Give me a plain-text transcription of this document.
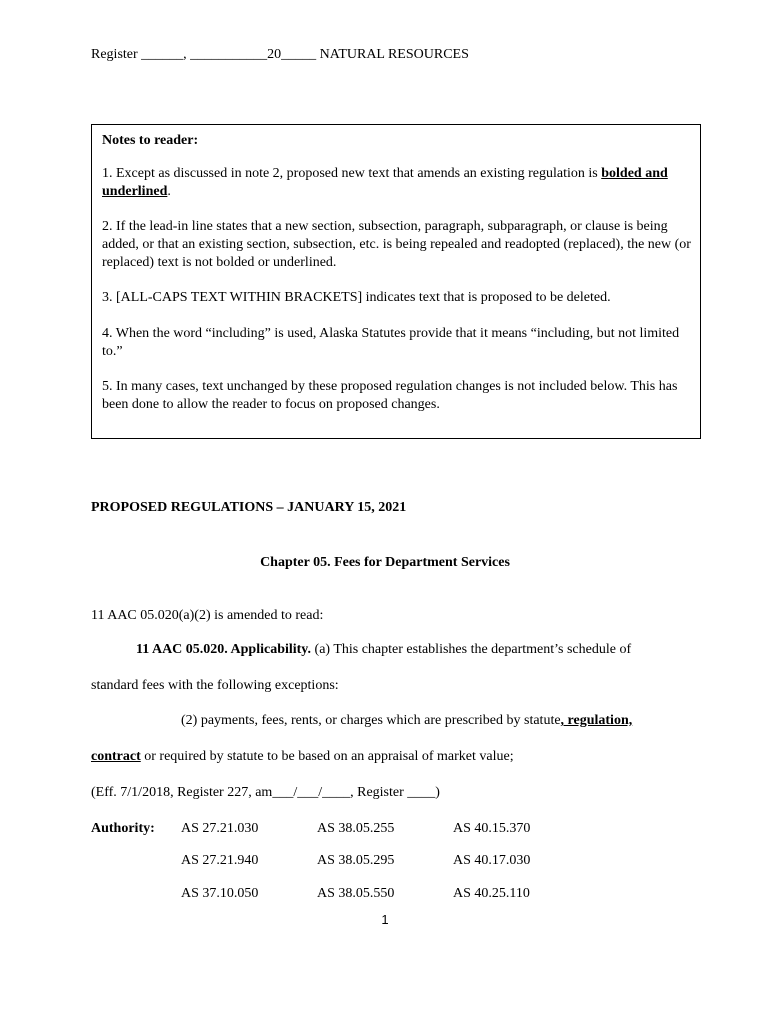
Register ______, ___________20_____ NATURAL RESOURCES
Notes to reader:
1. Except as discussed in note 2, proposed new text that amends an existing regulation is bolded and underlined.
2. If the lead-in line states that a new section, subsection, paragraph, subparagraph, or clause is being added, or that an existing section, subsection, etc. is being repealed and readopted (replaced), the new (or replaced) text is not bolded or underlined.
3. [ALL-CAPS TEXT WITHIN BRACKETS] indicates text that is proposed to be deleted.
4. When the word “including” is used, Alaska Statutes provide that it means “including, but not limited to.”
5. In many cases, text unchanged by these proposed regulation changes is not included below. This has been done to allow the reader to focus on proposed changes.
PROPOSED REGULATIONS – JANUARY 15, 2021
Chapter 05. Fees for Department Services
11 AAC 05.020(a)(2) is amended to read:
11 AAC 05.020. Applicability. (a) This chapter establishes the department’s schedule of
standard fees with the following exceptions:
(2) payments, fees, rents, or charges which are prescribed by statute, regulation,
contract or required by statute to be based on an appraisal of market value;
(Eff. 7/1/2018, Register 227, am___/___/____, Register ____)
Authority: AS 27.21.030	AS 38.05.255	AS 40.15.370
AS 27.21.940	AS 38.05.295	AS 40.17.030
AS 37.10.050	AS 38.05.550	AS 40.25.110
1
